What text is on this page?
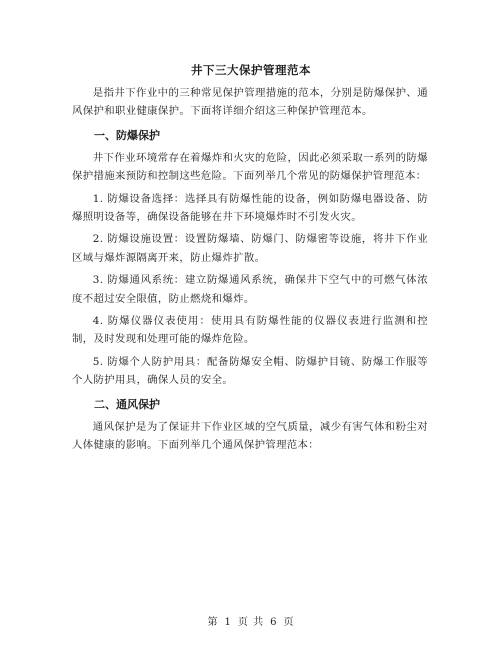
井下三大保护管理范本

是指井下作业中的三种常见保护管理措施的范本，分别是防爆保护、通风保护和职业健康保护。下面将详细介绍这三种保护管理范本。

一、防爆保护

井下作业环境常存在着爆炸和火灾的危险，因此必须采取一系列的防爆保护措施来预防和控制这些危险。下面列举几个常见的防爆保护管理范本：

1. 防爆设备选择：选择具有防爆性能的设备，例如防爆电器设备、防爆照明设备等，确保设备能够在井下环境爆炸时不引发火灾。

2. 防爆设施设置：设置防爆墙、防爆门、防爆密等设施，将井下作业区域与爆炸源隔离开来，防止爆炸扩散。

3. 防爆通风系统：建立防爆通风系统，确保井下空气中的可燃气体浓度不超过安全限值，防止燃烧和爆炸。

4. 防爆仪器仪表使用：使用具有防爆性能的仪器仪表进行监测和控制，及时发现和处理可能的爆炸危险。

5. 防爆个人防护用具：配备防爆安全帽、防爆护目镜、防爆工作服等个人防护用具，确保人员的安全。

二、通风保护

通风保护是为了保证井下作业区域的空气质量，减少有害气体和粉尘对人体健康的影响。下面列举几个通风保护管理范本：

第 1 页 共 6 页
